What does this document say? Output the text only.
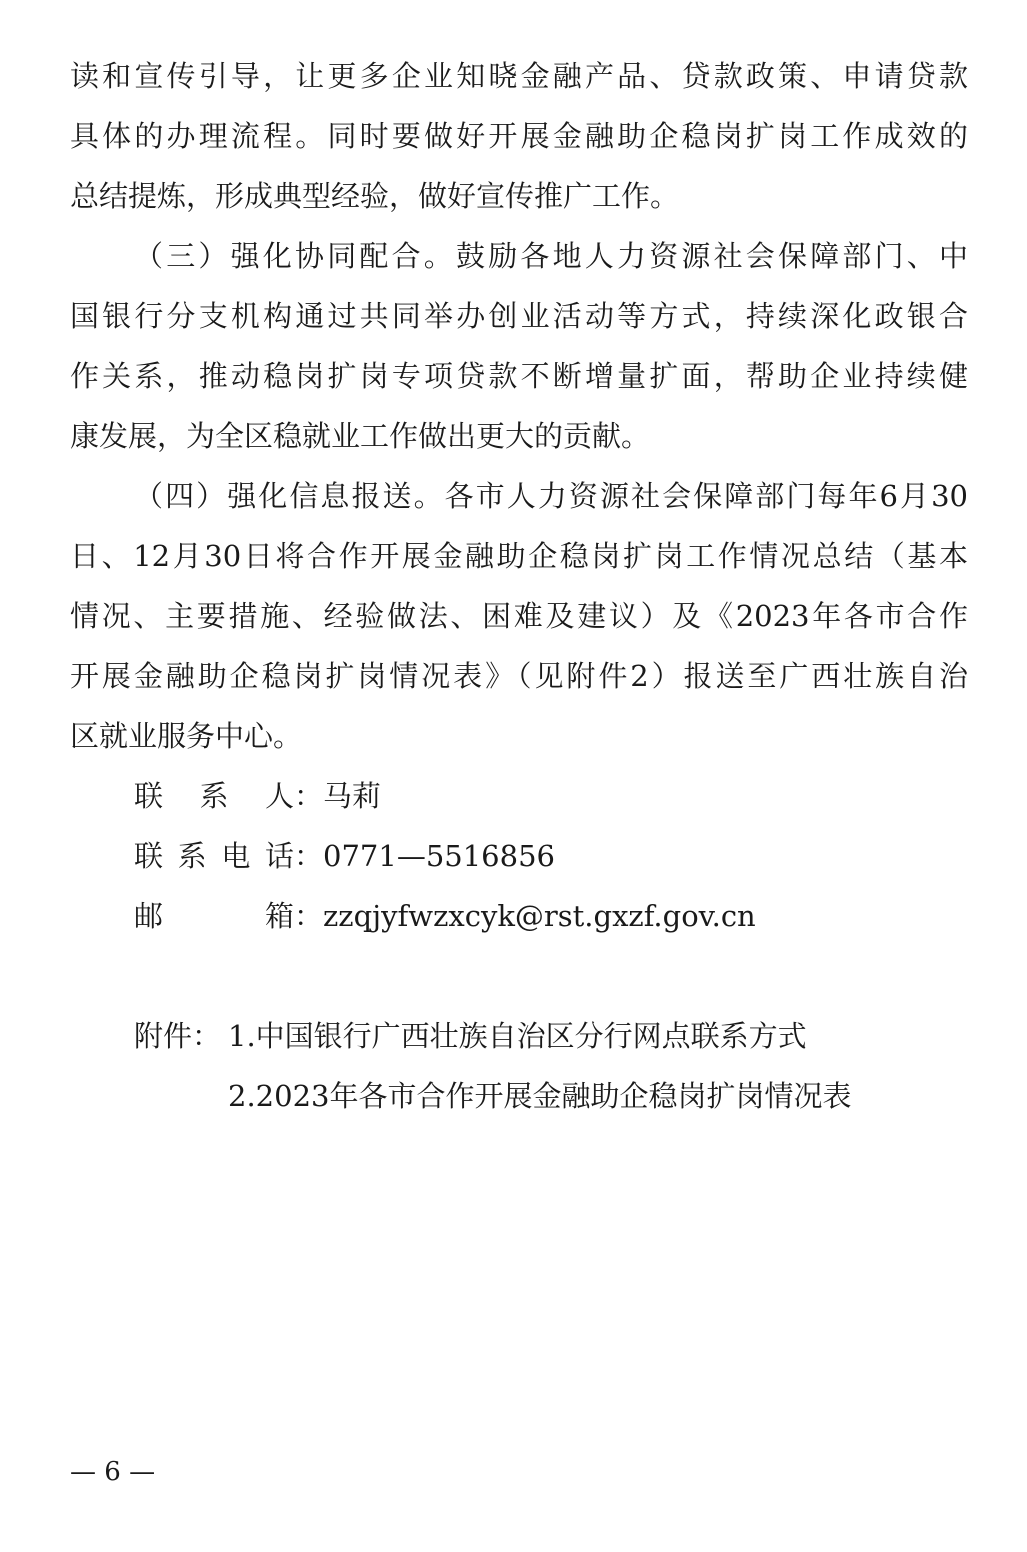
读和宣传引导，让更多企业知晓金融产品、贷款政策、申请贷款
具体的办理流程。同时要做好开展金融助企稳岗扩岗工作成效的
总结提炼，形成典型经验，做好宣传推广工作。
（三）强化协同配合。鼓励各地人力资源社会保障部门、中
国银行分支机构通过共同举办创业活动等方式，持续深化政银合
作关系，推动稳岗扩岗专项贷款不断增量扩面，帮助企业持续健
康发展，为全区稳就业工作做出更大的贡献。
（四）强化信息报送。各市人力资源社会保障部门每年6月30
日、12月30日将合作开展金融助企稳岗扩岗工作情况总结（基本
情况、主要措施、经验做法、困难及建议）及《2023年各市合作
开展金融助企稳岗扩岗情况表》（见附件2）报送至广西壮族自治
区就业服务中心。
联系人：马莉
联系电话：0771—5516856
邮箱：zzqjyfwzxcyk@rst.gxzf.gov.cn
附件： 1.中国银行广西壮族自治区分行网点联系方式
2.2023年各市合作开展金融助企稳岗扩岗情况表
— 6 —
